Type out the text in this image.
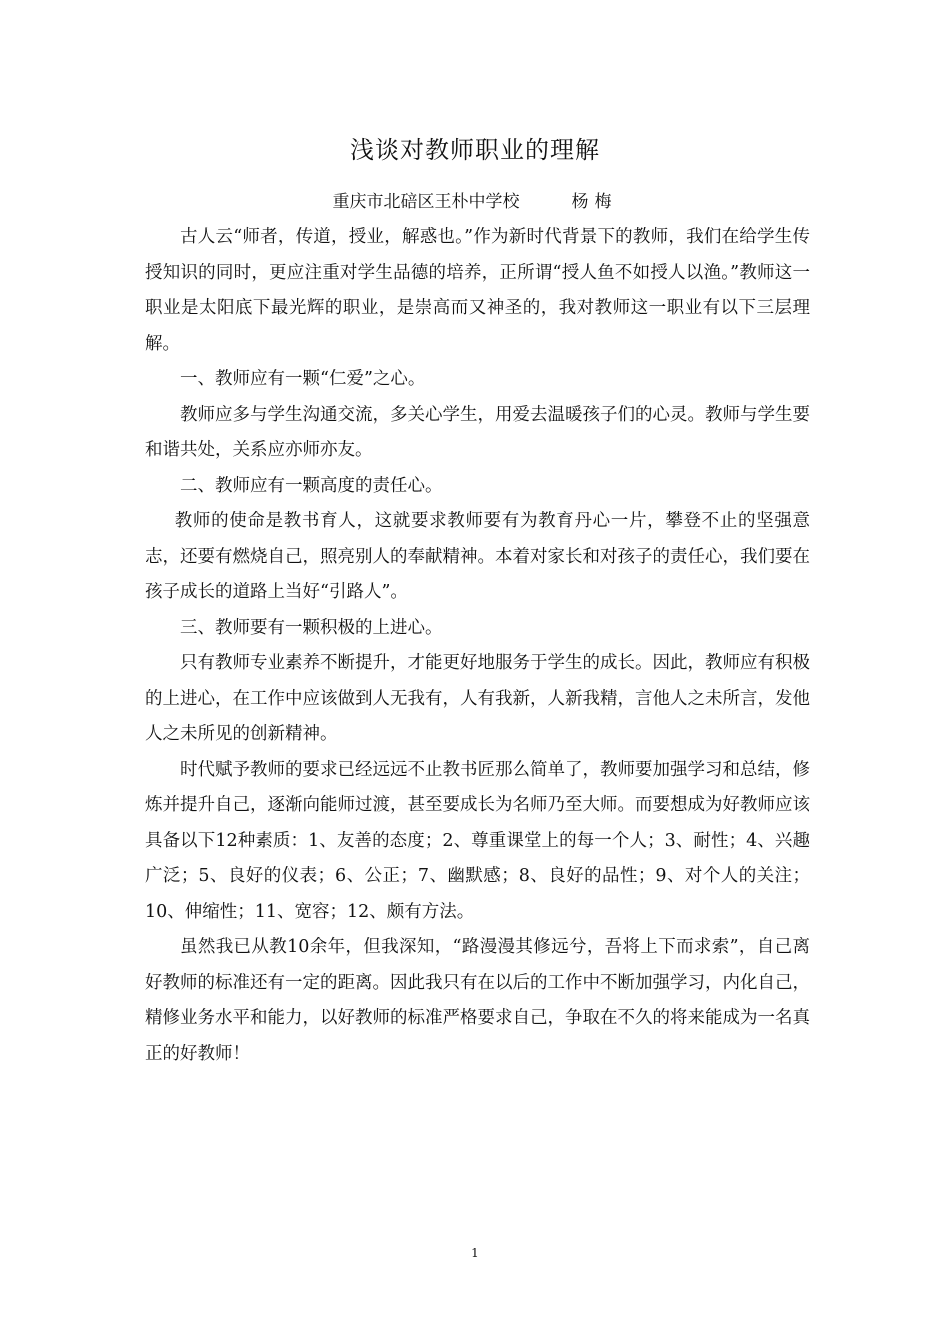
浅谈对教师职业的理解
重庆市北碚区王朴中学校	杨梅

古人云“师者，传道，授业，解惑也。”作为新时代背景下的教师，我们在给学生传授知识的同时，更应注重对学生品德的培养，正所谓“授人鱼不如授人以渔。”教师这一职业是太阳底下最光辉的职业，是崇高而又神圣的，我对教师这一职业有以下三层理解。

一、教师应有一颗“仁爱”之心。

教师应多与学生沟通交流，多关心学生，用爱去温暖孩子们的心灵。教师与学生要和谐共处，关系应亦师亦友。

二、教师应有一颗高度的责任心。

教师的使命是教书育人，这就要求教师要有为教育丹心一片，攀登不止的坚强意志，还要有燃烧自己，照亮别人的奉献精神。本着对家长和对孩子的责任心，我们要在孩子成长的道路上当好“引路人”。

三、教师要有一颗积极的上进心。

只有教师专业素养不断提升，才能更好地服务于学生的成长。因此，教师应有积极的上进心，在工作中应该做到人无我有，人有我新，人新我精，言他人之未所言，发他人之未所见的创新精神。

时代赋予教师的要求已经远远不止教书匠那么简单了，教师要加强学习和总结，修炼并提升自己，逐渐向能师过渡，甚至要成长为名师乃至大师。而要想成为好教师应该具备以下12种素质：1、友善的态度；2、尊重课堂上的每一个人；3、耐性；4、兴趣广泛；5、良好的仪表；6、公正；7、幽默感；8、良好的品性；9、对个人的关注；10、伸缩性；11、宽容；12、颇有方法。

虽然我已从教10余年，但我深知，“路漫漫其修远兮，吾将上下而求索”，自己离好教师的标准还有一定的距离。因此我只有在以后的工作中不断加强学习，内化自己，精修业务水平和能力，以好教师的标准严格要求自己，争取在不久的将来能成为一名真正的好教师！

1
